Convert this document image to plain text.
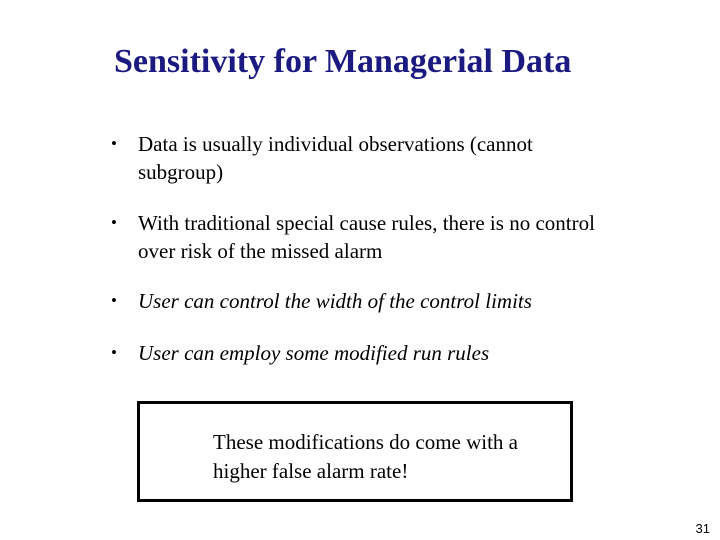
Sensitivity for Managerial Data
• Data is usually individual observations (cannot subgroup)
• With traditional special cause rules, there is no control over risk of the missed alarm
• User can control the width of the control limits
• User can employ some modified run rules
These modifications do come with a higher false alarm rate!
31
